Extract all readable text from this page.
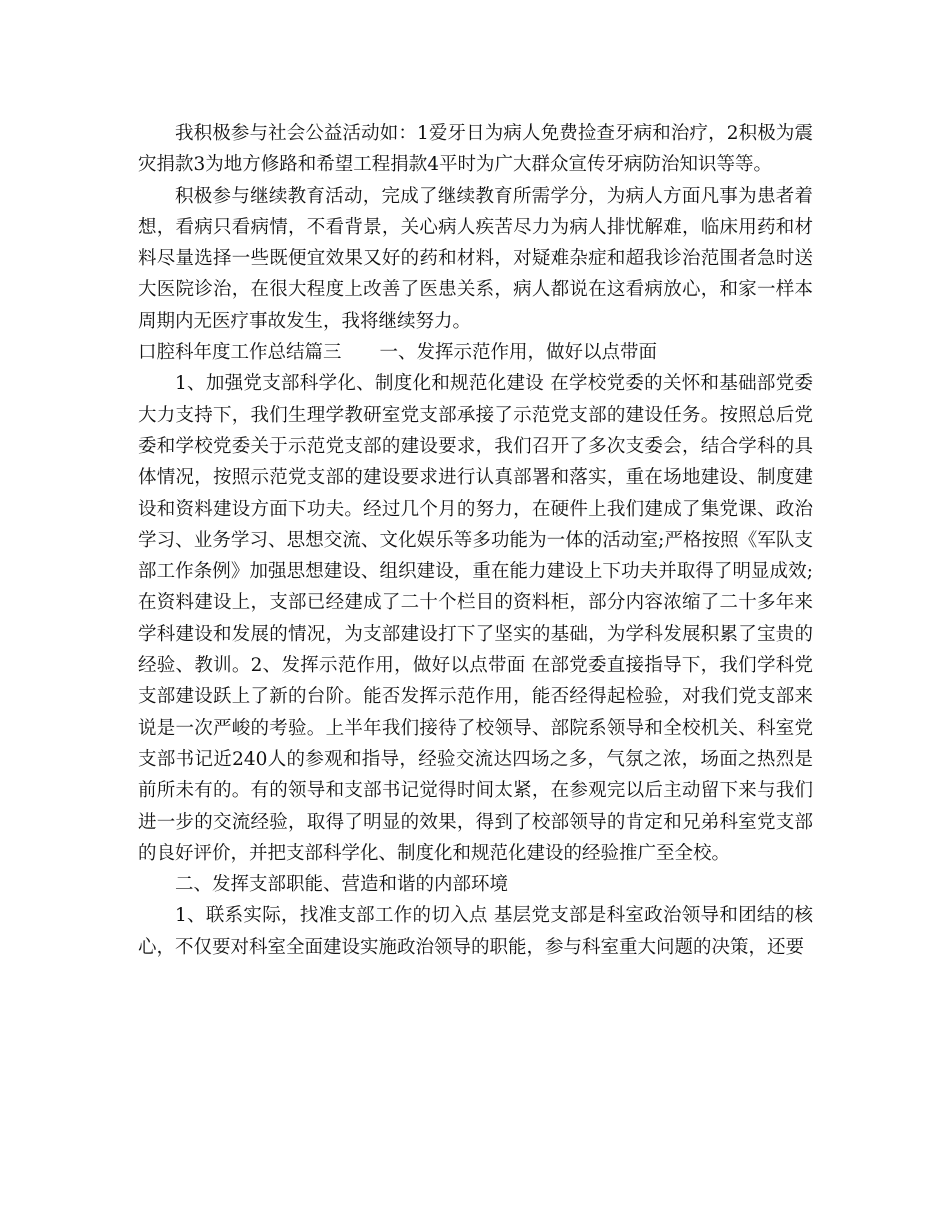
我积极参与社会公益活动如：1爱牙日为病人免费捡查牙病和治疗，2积极为震灾捐款3为地方修路和希望工程捐款4平时为广大群众宣传牙病防治知识等等。

积极参与继续教育活动，完成了继续教育所需学分，为病人方面凡事为患者着想，看病只看病情，不看背景，关心病人疾苦尽力为病人排忧解难，临床用药和材料尽量选择一些既便宜效果又好的药和材料，对疑难杂症和超我诊治范围者急时送大医院诊治，在很大程度上改善了医患关系，病人都说在这看病放心，和家一样本周期内无医疗事故发生，我将继续努力。

口腔科年度工作总结篇三 一、发挥示范作用，做好以点带面

1、加强党支部科学化、制度化和规范化建设 在学校党委的关怀和基础部党委大力支持下，我们生理学教研室党支部承接了示范党支部的建设任务。按照总后党委和学校党委关于示范党支部的建设要求，我们召开了多次支委会，结合学科的具体情况，按照示范党支部的建设要求进行认真部署和落实，重在场地建设、制度建设和资料建设方面下功夫。经过几个月的努力，在硬件上我们建成了集党课、政治学习、业务学习、思想交流、文化娱乐等多功能为一体的活动室;严格按照《军队支部工作条例》加强思想建设、组织建设，重在能力建设上下功夫并取得了明显成效;在资料建设上，支部已经建成了二十个栏目的资料柜，部分内容浓缩了二十多年来学科建设和发展的情况，为支部建设打下了坚实的基础，为学科发展积累了宝贵的经验、教训。2、发挥示范作用，做好以点带面 在部党委直接指导下，我们学科党支部建设跃上了新的台阶。能否发挥示范作用，能否经得起检验，对我们党支部来说是一次严峻的考验。上半年我们接待了校领导、部院系领导和全校机关、科室党支部书记近240人的参观和指导，经验交流达四场之多，气氛之浓，场面之热烈是前所未有的。有的领导和支部书记觉得时间太紧，在参观完以后主动留下来与我们进一步的交流经验，取得了明显的效果，得到了校部领导的肯定和兄弟科室党支部的良好评价，并把支部科学化、制度化和规范化建设的经验推广至全校。

二、发挥支部职能、营造和谐的内部环境

1、联系实际，找准支部工作的切入点 基层党支部是科室政治领导和团结的核心，不仅要对科室全面建设实施政治领导的职能，参与科室重大问题的决策，还要
